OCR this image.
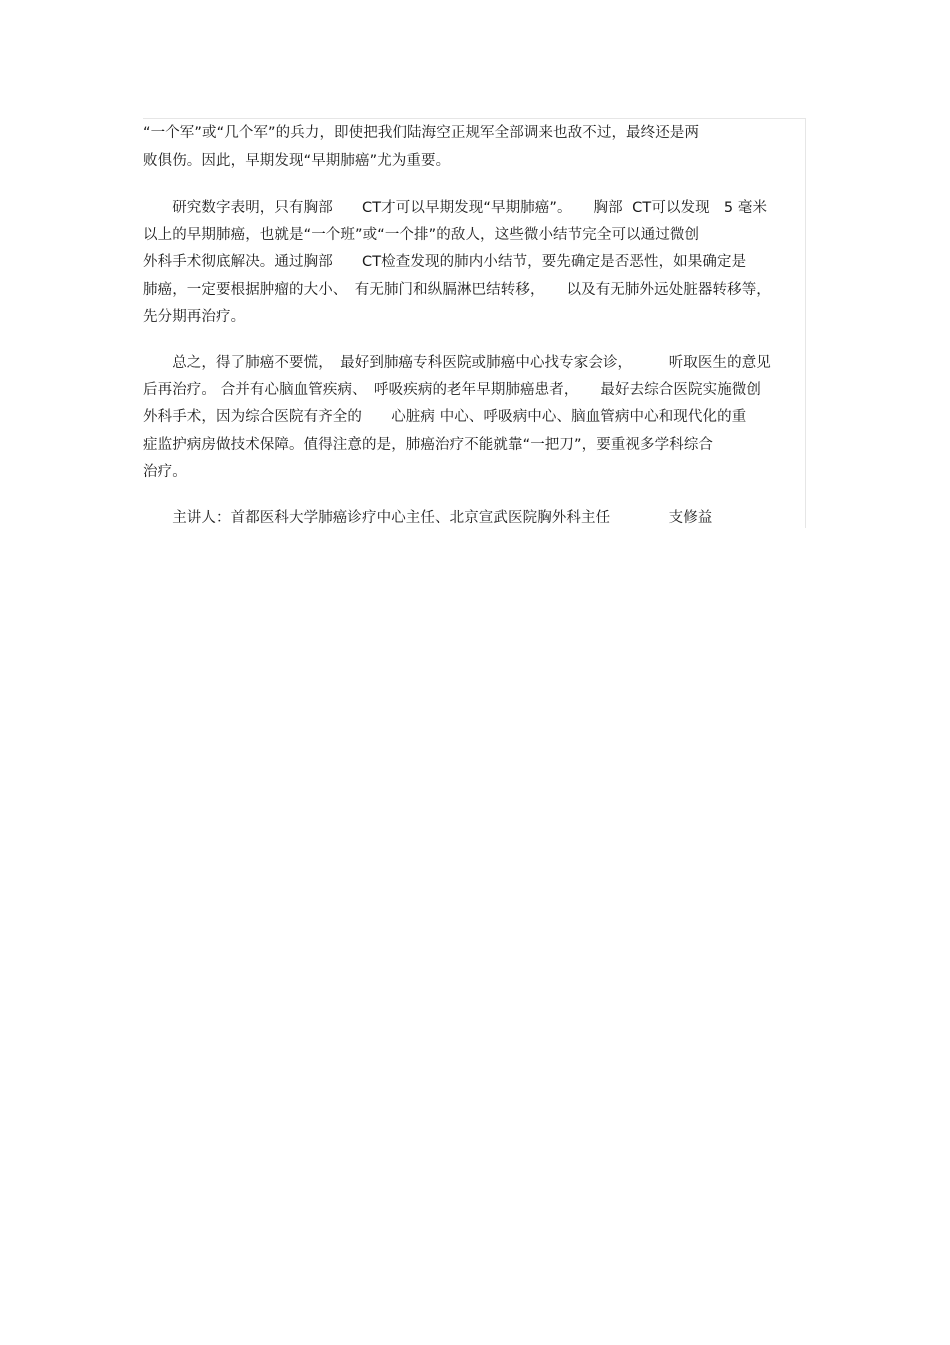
“一个军”或“几个军”的兵力，即使把我们陆海空正规军全部调来也敌不过，最终还是两
败俱伤。因此，早期发现“早期肺癌”尤为重要。
　　研究数字表明，只有胸部　　CT才可以早期发现“早期肺癌”。　　胸部  CT可以发现   5 毫米
以上的早期肺癌，也就是“一个班”或“一个排”的敌人，这些微小结节完全可以通过微创
外科手术彻底解决。通过胸部　　CT检查发现的肺内小结节，要先确定是否恶性，如果确定是
肺癌，一定要根据肿瘤的大小、　有无肺门和纵膈淋巴结转移，　　以及有无肺外远处脏器转移等，
先分期再治疗。
　　总之，得了肺癌不要慌，　最好到肺癌专科医院或肺癌中心找专家会诊，　　　听取医生的意见
后再治疗。 合并有心脑血管疾病、　呼吸疾病的老年早期肺癌患者，　　最好去综合医院实施微创
外科手术，因为综合医院有齐全的　　心脏病 中心、呼吸病中心、脑血管病中心和现代化的重
症监护病房做技术保障。值得注意的是，肺癌治疗不能就靠“一把刀”，要重视多学科综合
治疗。
　　主讲人：首都医科大学肺癌诊疗中心主任、北京宣武医院胸外科主任　　　　支修益
